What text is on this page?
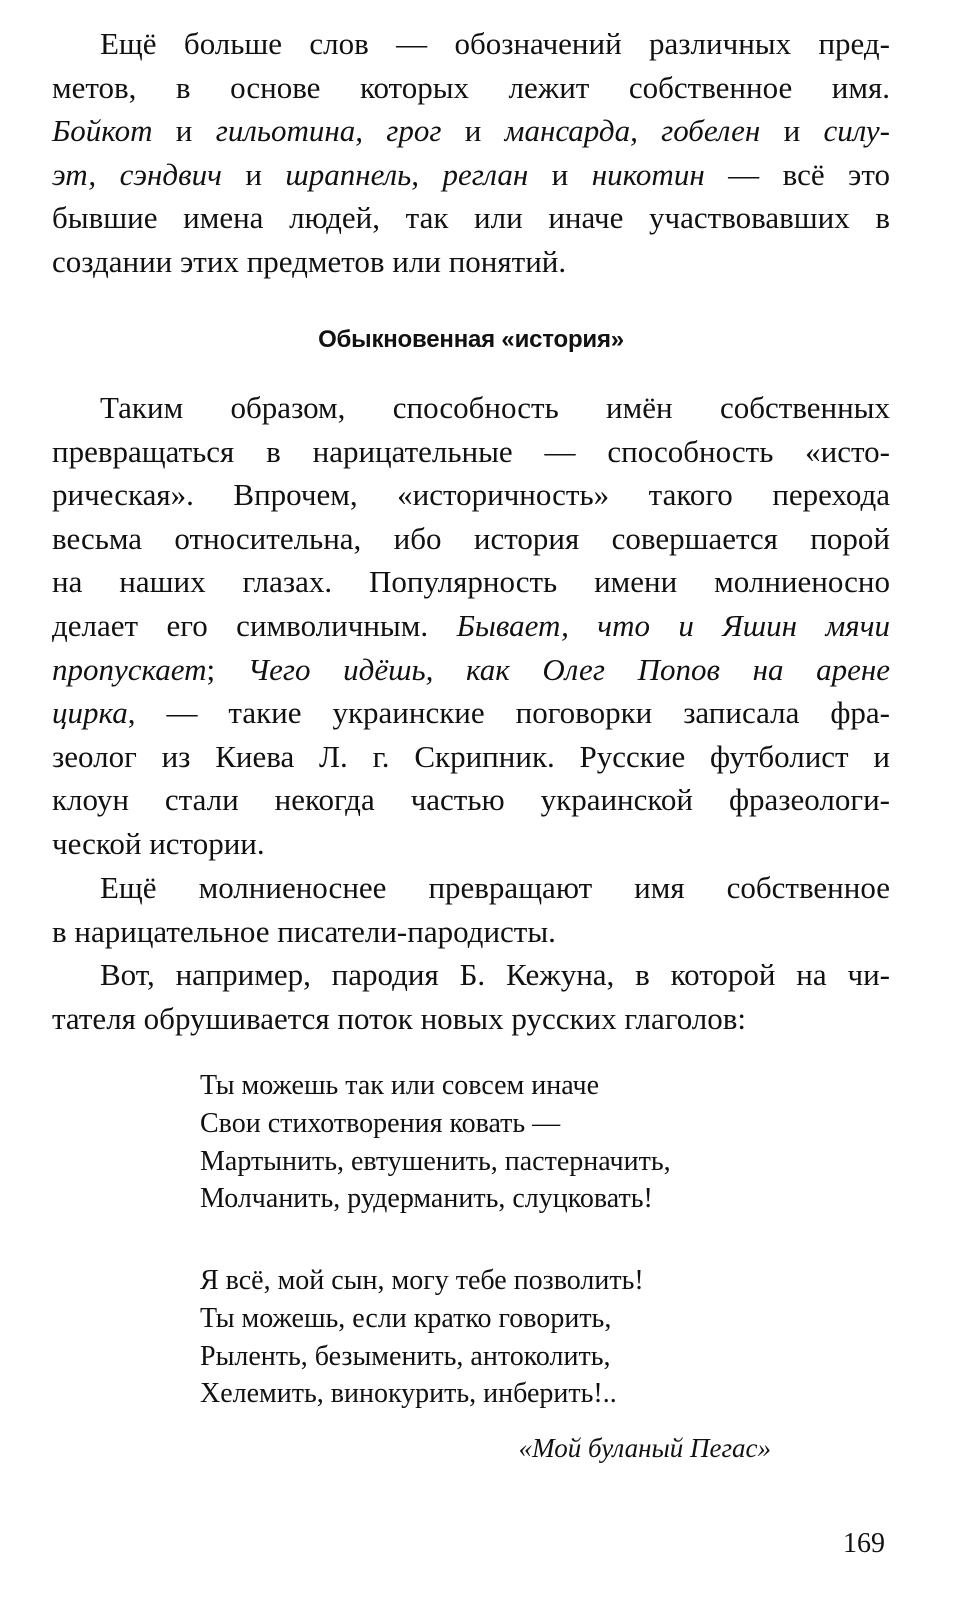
Ещё больше слов — обозначений различных пред-
метов, в основе которых лежит собственное имя.
Бойкот и гильотина, грог и мансарда, гобелен и силу-
эт, сэндвич и шрапнель, реглан и никотин — всё это
бывшие имена людей, так или иначе участвовавших в
создании этих предметов или понятий.
Обыкновенная «история»
Таким образом, способность имён собственных
превращаться в нарицательные — способность «исто-
рическая». Впрочем, «историчность» такого перехода
весьма относительна, ибо история совершается порой
на наших глазах. Популярность имени молниеносно
делает его символичным. Бывает, что и Яшин мячи
пропускает; Чего идёшь, как Олег Попов на арене
цирка, — такие украинские поговорки записала фра-
зеолог из Киева Л. г. Скрипник. Русские футболист и
клоун стали некогда частью украинской фразеологи-
ческой истории.
Ещё молниеноснее превращают имя собственное
в нарицательное писатели-пародисты.
Вот, например, пародия Б. Кежуна, в которой на чи-
тателя обрушивается поток новых русских глаголов:
Ты можешь так или совсем иначе
Свои стихотворения ковать —
Мартынить, евтушенить, пастерначить,
Молчанить, рудерманить, слуцковать!
Я всё, мой сын, могу тебе позволить!
Ты можешь, если кратко говорить,
Рыленть, безыменить, антоколить,
Хелемить, винокурить, инберить!..
«Мой буланый Пегас»
169
